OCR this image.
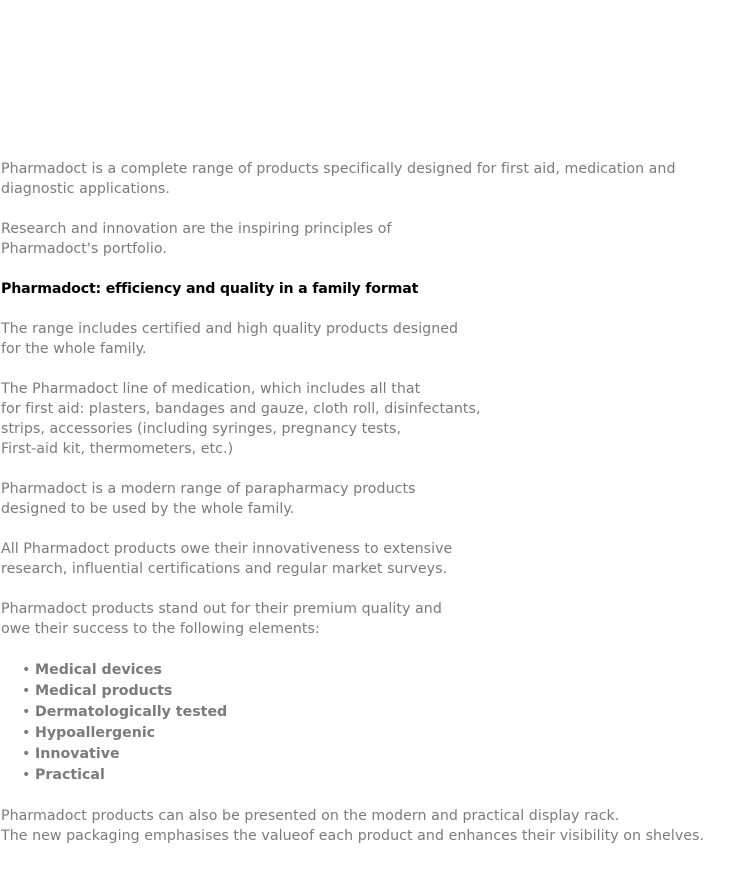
Pharmadoct is a complete range of products specifically designed for first aid, medication and
diagnostic applications.

Research and innovation are the inspiring principles of
Pharmadoct's portfolio.

Pharmadoct: efficiency and quality in a family format

The range includes certified and high quality products designed
for the whole family.

The Pharmadoct line of medication, which includes all that
for first aid: plasters, bandages and gauze, cloth roll, disinfectants,
strips, accessories (including syringes, pregnancy tests,
First-aid kit, thermometers, etc.)

Pharmadoct is a modern range of parapharmacy products
designed to be used by the whole family.

All Pharmadoct products owe their innovativeness to extensive
research, influential certifications and regular market surveys.

Pharmadoct products stand out for their premium quality and
owe their success to the following elements:

• Medical devices
• Medical products
• Dermatologically tested
• Hypoallergenic
• Innovative
• Practical

Pharmadoct products can also be presented on the modern and practical display rack.
The new packaging emphasises the valueof each product and enhances their visibility on shelves.
